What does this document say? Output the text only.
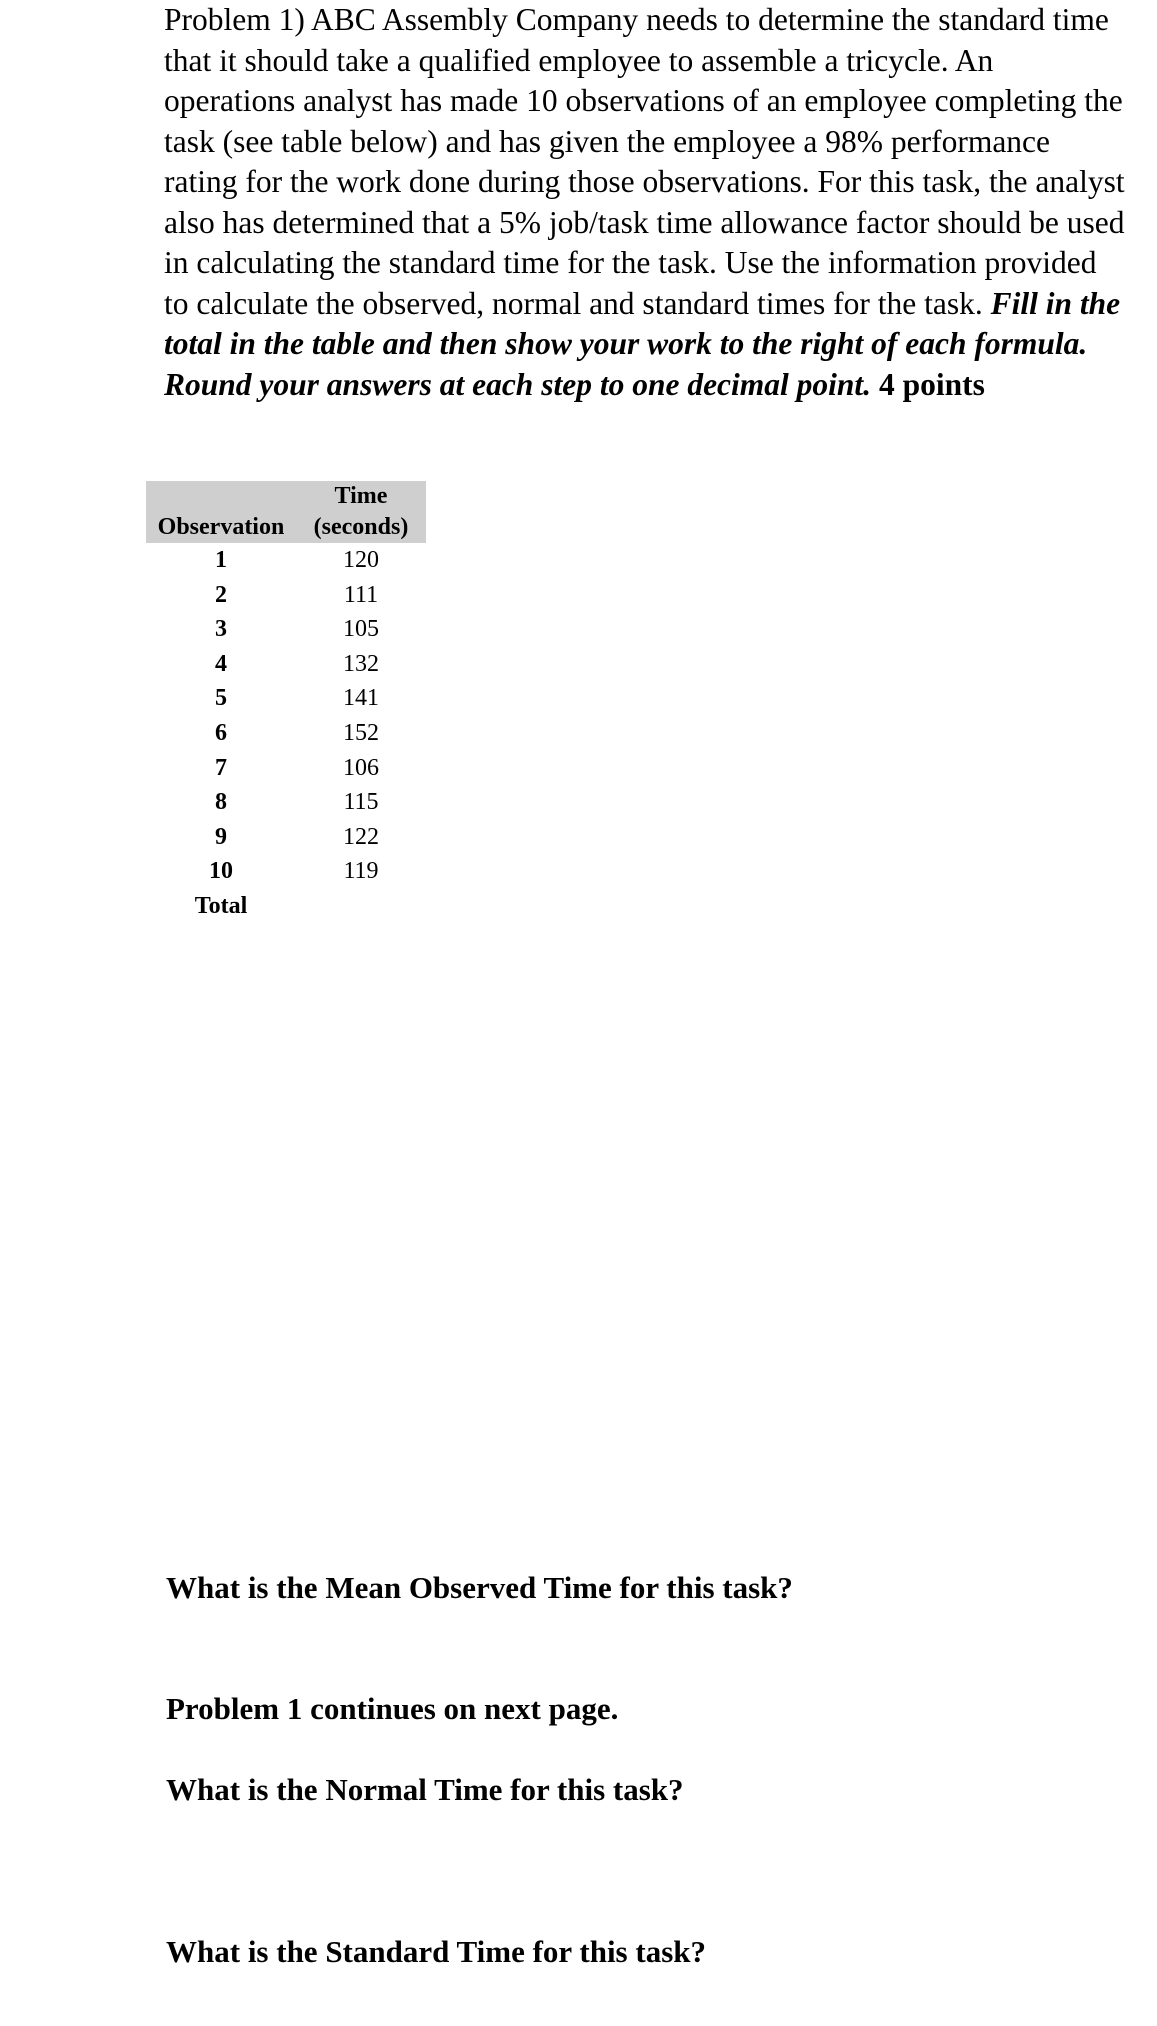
Problem 1) ABC Assembly Company needs to determine the standard time that it should take a qualified employee to assemble a tricycle. An operations analyst has made 10 observations of an employee completing the task (see table below) and has given the employee a 98% performance rating for the work done during those observations. For this task, the analyst also has determined that a 5% job/task time allowance factor should be used in calculating the standard time for the task. Use the information provided to calculate the observed, normal and standard times for the task. Fill in the total in the table and then show your work to the right of each formula. Round your answers at each step to one decimal point. 4 points

Observation	Time
(seconds)
1	120
2	111
3	105
4	132
5	141
6	152
7	106
8	115
9	122
10	119
Total	

What is the Mean Observed Time for this task?

Problem 1 continues on next page.

What is the Normal Time for this task?

What is the Standard Time for this task?
